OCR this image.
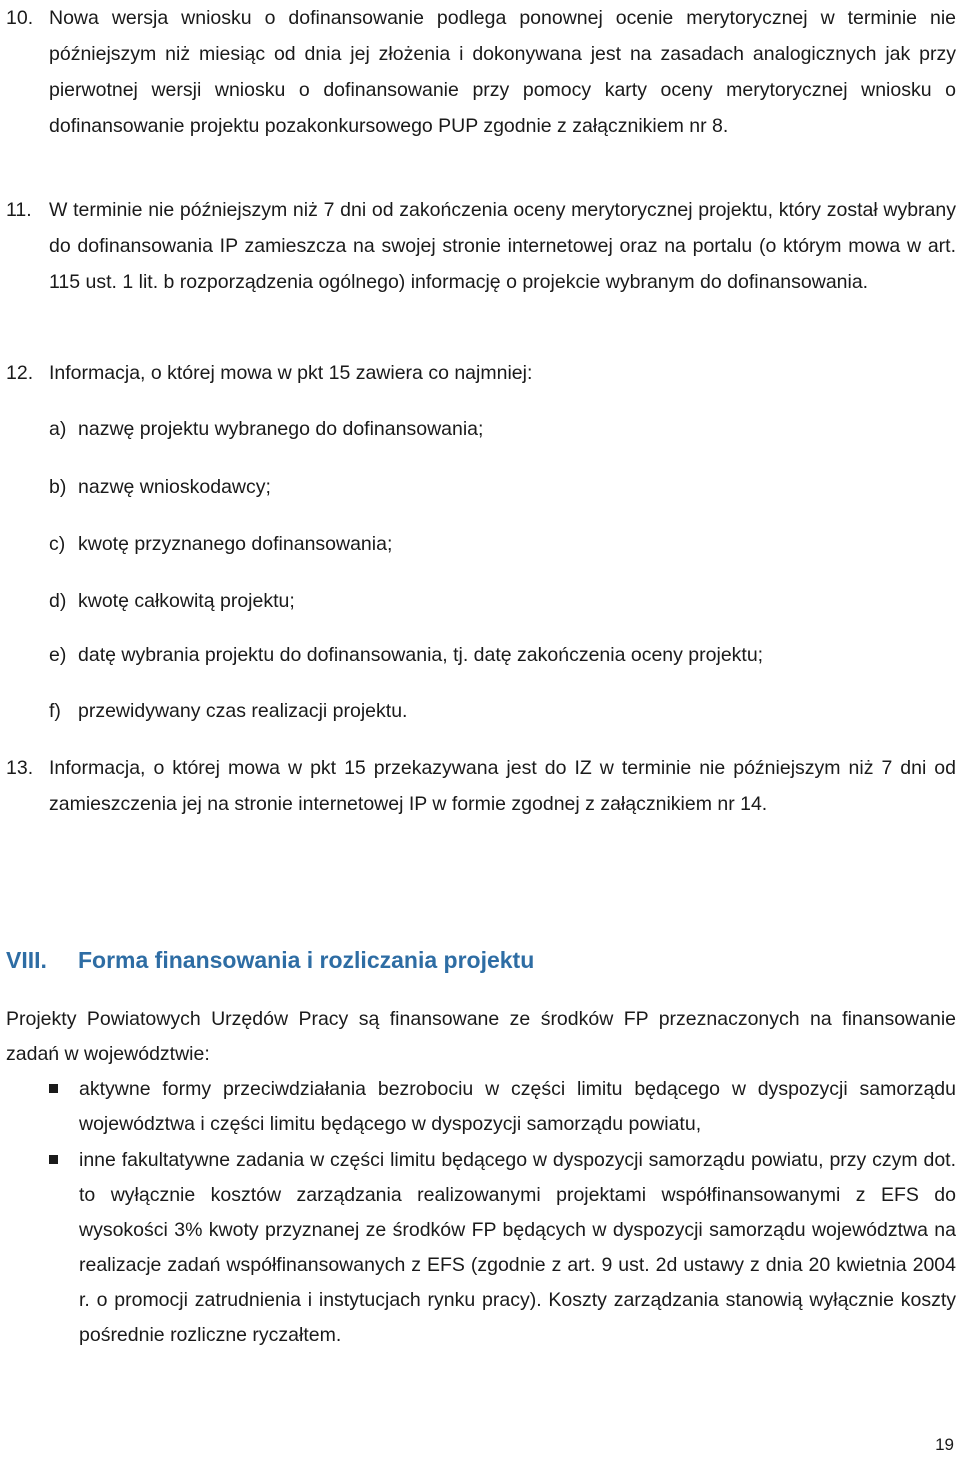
10. Nowa wersja wniosku o dofinansowanie podlega ponownej ocenie merytorycznej w terminie nie późniejszym niż miesiąc od dnia jej złożenia i dokonywana jest na zasadach analogicznych jak przy pierwotnej wersji wniosku o dofinansowanie przy pomocy karty oceny merytorycznej wniosku o dofinansowanie projektu pozakonkursowego PUP zgodnie z załącznikiem nr 8.
11. W terminie nie późniejszym niż 7 dni od zakończenia oceny merytorycznej projektu, który został wybrany do dofinansowania IP zamieszcza na swojej stronie internetowej oraz na portalu (o którym mowa w art. 115 ust. 1 lit. b rozporządzenia ogólnego) informację o projekcie wybranym do dofinansowania.
12. Informacja, o której mowa w pkt 15 zawiera co najmniej:
a) nazwę projektu wybranego do dofinansowania;
b) nazwę wnioskodawcy;
c) kwotę przyznanego dofinansowania;
d) kwotę całkowitą projektu;
e) datę wybrania projektu do dofinansowania, tj. datę zakończenia oceny projektu;
f) przewidywany czas realizacji projektu.
13. Informacja, o której mowa w pkt 15 przekazywana jest do IZ w terminie nie późniejszym niż 7 dni od zamieszczenia jej na stronie internetowej IP w formie zgodnej z załącznikiem nr 14.
VIII. Forma finansowania i rozliczania projektu
Projekty Powiatowych Urzędów Pracy są finansowane ze środków FP przeznaczonych na finansowanie zadań w województwie:
aktywne formy przeciwdziałania bezrobociu w części limitu będącego w dyspozycji samorządu województwa i części limitu będącego w dyspozycji samorządu powiatu,
inne fakultatywne zadania w części limitu będącego w dyspozycji samorządu powiatu, przy czym dot. to wyłącznie kosztów zarządzania realizowanymi projektami współfinansowanymi z EFS do wysokości 3% kwoty przyznanej ze środków FP będących w dyspozycji samorządu województwa na realizacje zadań współfinansowanych z EFS (zgodnie z art. 9 ust. 2d ustawy z dnia 20 kwietnia 2004 r. o promocji zatrudnienia i instytucjach rynku pracy). Koszty zarządzania stanowią wyłącznie koszty pośrednie rozliczne ryczałtem.
19
